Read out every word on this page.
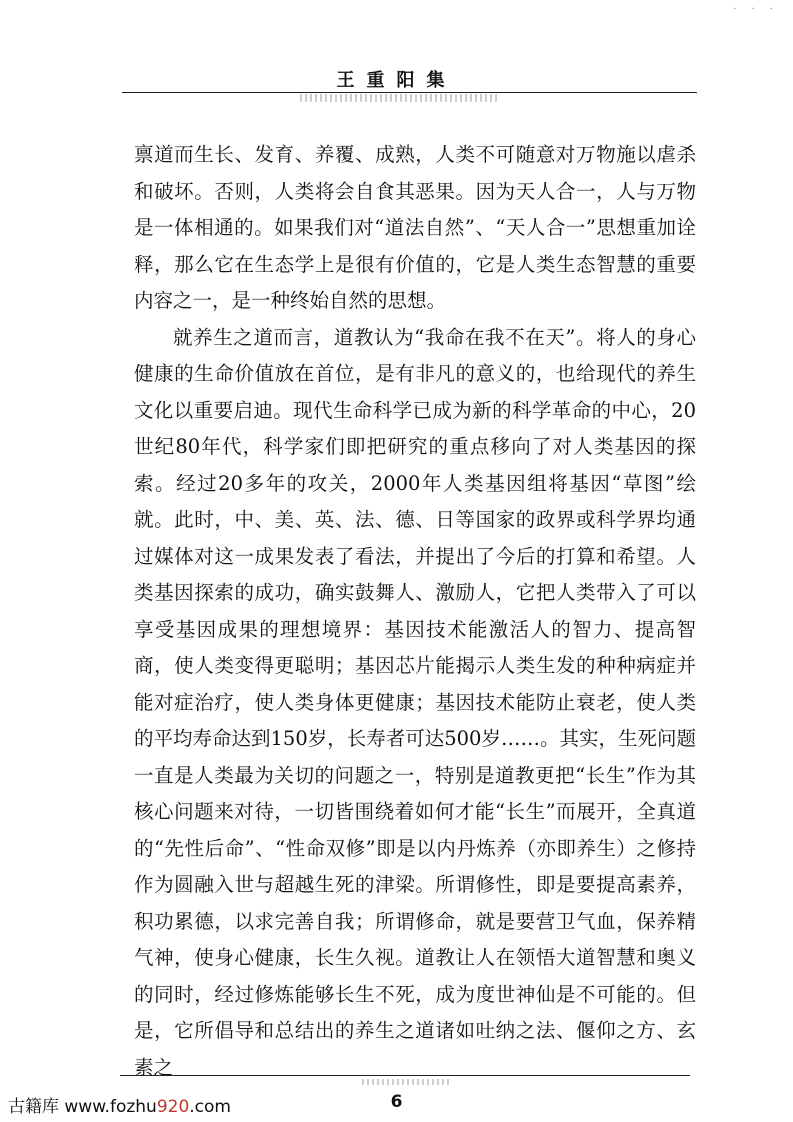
· · ·
王重阳集

禀道而生长、发育、养覆、成熟，人类不可随意对万物施以虐杀和破坏。否则，人类将会自食其恶果。因为天人合一，人与万物是一体相通的。如果我们对“道法自然”、“天人合一”思想重加诠释，那么它在生态学上是很有价值的，它是人类生态智慧的重要内容之一，是一种终始自然的思想。

就养生之道而言，道教认为“我命在我不在天”。将人的身心健康的生命价值放在首位，是有非凡的意义的，也给现代的养生文化以重要启迪。现代生命科学已成为新的科学革命的中心，20世纪80年代，科学家们即把研究的重点移向了对人类基因的探索。经过20多年的攻关，2000年人类基因组将基因“草图”绘就。此时，中、美、英、法、德、日等国家的政界或科学界均通过媒体对这一成果发表了看法，并提出了今后的打算和希望。人类基因探索的成功，确实鼓舞人、激励人，它把人类带入了可以享受基因成果的理想境界：基因技术能激活人的智力、提高智商，使人类变得更聪明；基因芯片能揭示人类生发的种种病症并能对症治疗，使人类身体更健康；基因技术能防止衰老，使人类的平均寿命达到150岁，长寿者可达500岁……。其实，生死问题一直是人类最为关切的问题之一，特别是道教更把“长生”作为其核心问题来对待，一切皆围绕着如何才能“长生”而展开，全真道的“先性后命”、“性命双修”即是以内丹炼养（亦即养生）之修持作为圆融入世与超越生死的津梁。所谓修性，即是要提高素养，积功累德，以求完善自我；所谓修命，就是要营卫气血，保养精气神，使身心健康，长生久视。道教让人在领悟大道智慧和奥义的同时，经过修炼能够长生不死，成为度世神仙是不可能的。但是，它所倡导和总结出的养生之道诸如吐纳之法、偃仰之方、玄素之

古籍库 www.fozhu920.com	6
